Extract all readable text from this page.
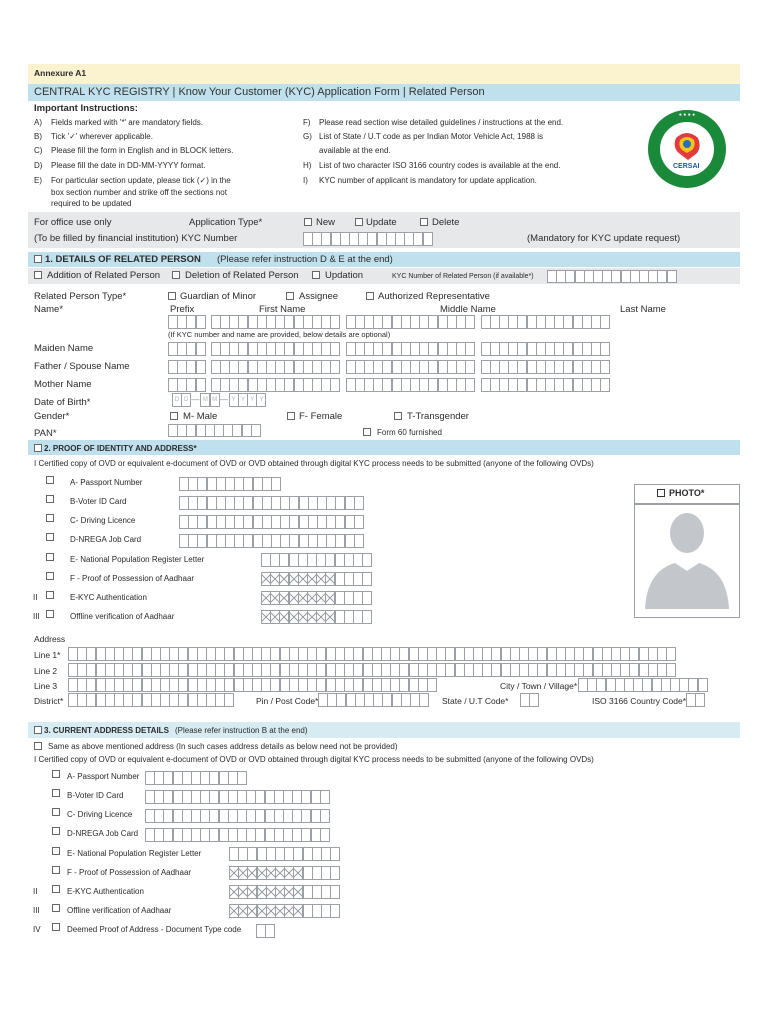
Annexure A1
CENTRAL KYC REGISTRY | Know Your Customer (KYC) Application Form | Related Person
Important Instructions:
A) Fields marked with '*' are mandatory fields.
B) Tick '✓' wherever applicable.
C) Please fill the form in English and in BLOCK letters.
D) Please fill the date in DD-MM-YYYY format.
E) For particular section update, please tick (✓) in the
box section number and strike off the sections not
required to be updated
F) Please read section wise detailed guidelines / instructions at the end.
G) List of State / U.T code as per Indian Motor Vehicle Act, 1988 is
available at the end.
H) List of two character ISO 3166 country codes is available at the end.
I) KYC number of applicant is mandatory for update application.
● ● ● ●
CERSAI
For office use only
(To be filled by financial institution) KYC Number
Application Type*	New	Update	Delete
(Mandatory for KYC update request)
1. DETAILS OF RELATED PERSON (Please refer instruction D & E at the end)
Addition of Related Person	Deletion of Related Person	Updation	KYC Number of Related Person (if available*)
Related Person Type*	Guardian of Minor	Assignee	Authorized Representative
Name*	Prefix	First Name	Middle Name	Last Name
(If KYC number and name are provided, below details are optional)
Maiden Name
Father / Spouse Name
Mother Name
Date of Birth*	D D — M M — Y Y Y Y
Gender*	M- Male	F- Female	T-Transgender
PAN*	Form 60 furnished
2. PROOF OF IDENTITY AND ADDRESS*
I Certified copy of OVD or equivalent e-document of OVD or OVD obtained through digital KYC process needs to be submitted (anyone of the following OVDs)
A- Passport Number
B-Voter ID Card
C- Driving Licence
D-NREGA Job Card
E- National Population Register Letter
F - Proof of Possession of Aadhaar
II	E-KYC Authentication
III	Offline verification of Aadhaar
PHOTO*
Address
Line 1*
Line 2
Line 3	City / Town / Village*
District*	Pin / Post Code*	State / U.T Code*	ISO 3166 Country Code*
3. CURRENT ADDRESS DETAILS (Please refer instruction B at the end)
Same as above mentioned address (In such cases address details as below need not be provided)
I Certified copy of OVD or equivalent e-document of OVD or OVD obtained through digital KYC process needs to be submitted (anyone of the following OVDs)
A- Passport Number
B-Voter ID Card
C- Driving Licence
D-NREGA Job Card
E- National Population Register Letter
F - Proof of Possession of Aadhaar
II	E-KYC Authentication
III	Offline verification of Aadhaar
IV	Deemed Proof of Address - Document Type code
